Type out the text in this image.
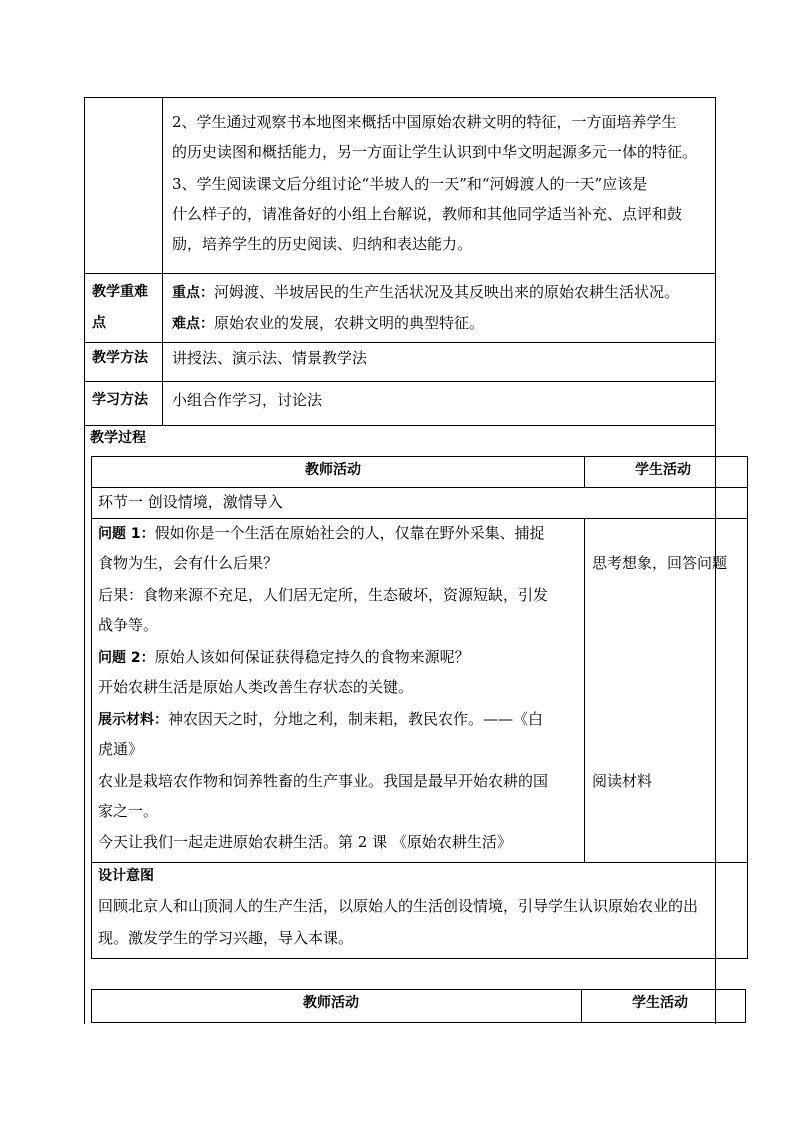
2、学生通过观察书本地图来概括中国原始农耕文明的特征，一方面培养学生
的历史读图和概括能力，另一方面让学生认识到中华文明起源多元一体的特征。
3、学生阅读课文后分组讨论“半坡人的一天”和“河姆渡人的一天”应该是
什么样子的，请准备好的小组上台解说，教师和其他同学适当补充、点评和鼓
励，培养学生的历史阅读、归纳和表达能力。
教学重难
点
重点：河姆渡、半坡居民的生产生活状况及其反映出来的原始农耕生活状况。
难点：原始农业的发展，农耕文明的典型特征。
教学方法 讲授法、演示法、情景教学法
学习方法 小组合作学习，讨论法
教学过程
教师活动	学生活动
环节一 创设情境，激情导入
问题 1：假如你是一个生活在原始社会的人，仅靠在野外采集、捕捉
食物为生，会有什么后果？
后果：食物来源不充足，人们居无定所，生态破坏，资源短缺，引发
战争等。
问题 2：原始人该如何保证获得稳定持久的食物来源呢？
开始农耕生活是原始人类改善生存状态的关键。
展示材料：神农因天之时，分地之利，制耒耜，教民农作。——《白
虎通》
农业是栽培农作物和饲养牲畜的生产事业。我国是最早开始农耕的国
家之一。
今天让我们一起走进原始农耕生活。第 2 课 《原始农耕生活》
思考想象，回答问题
阅读材料
设计意图
回顾北京人和山顶洞人的生产生活，以原始人的生活创设情境，引导学生认识原始农业的出
现。激发学生的学习兴趣，导入本课。
教师活动	学生活动
